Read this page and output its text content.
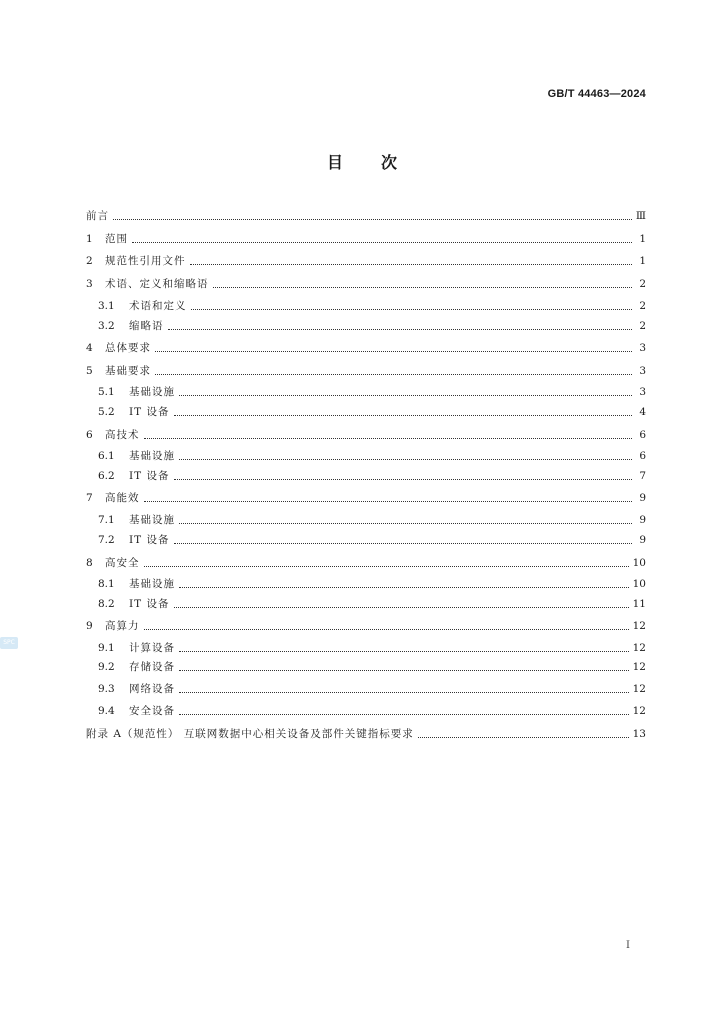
GB/T 44463—2024
目次
前言	Ⅲ
1	范围	1
2	规范性引用文件	1
3	术语、定义和缩略语	2
3.1	术语和定义	2
3.2	缩略语	2
4	总体要求	3
5	基础要求	3
5.1	基础设施	3
5.2	IT 设备	4
6	高技术	6
6.1	基础设施	6
6.2	IT 设备	7
7	高能效	9
7.1	基础设施	9
7.2	IT 设备	9
8	高安全	10
8.1	基础设施	10
8.2	IT 设备	11
9	高算力	12
9.1	计算设备	12
9.2	存储设备	12
9.3	网络设备	12
9.4	安全设备	12
附录 A（规范性） 互联网数据中心相关设备及部件关键指标要求	13
SPC
I
